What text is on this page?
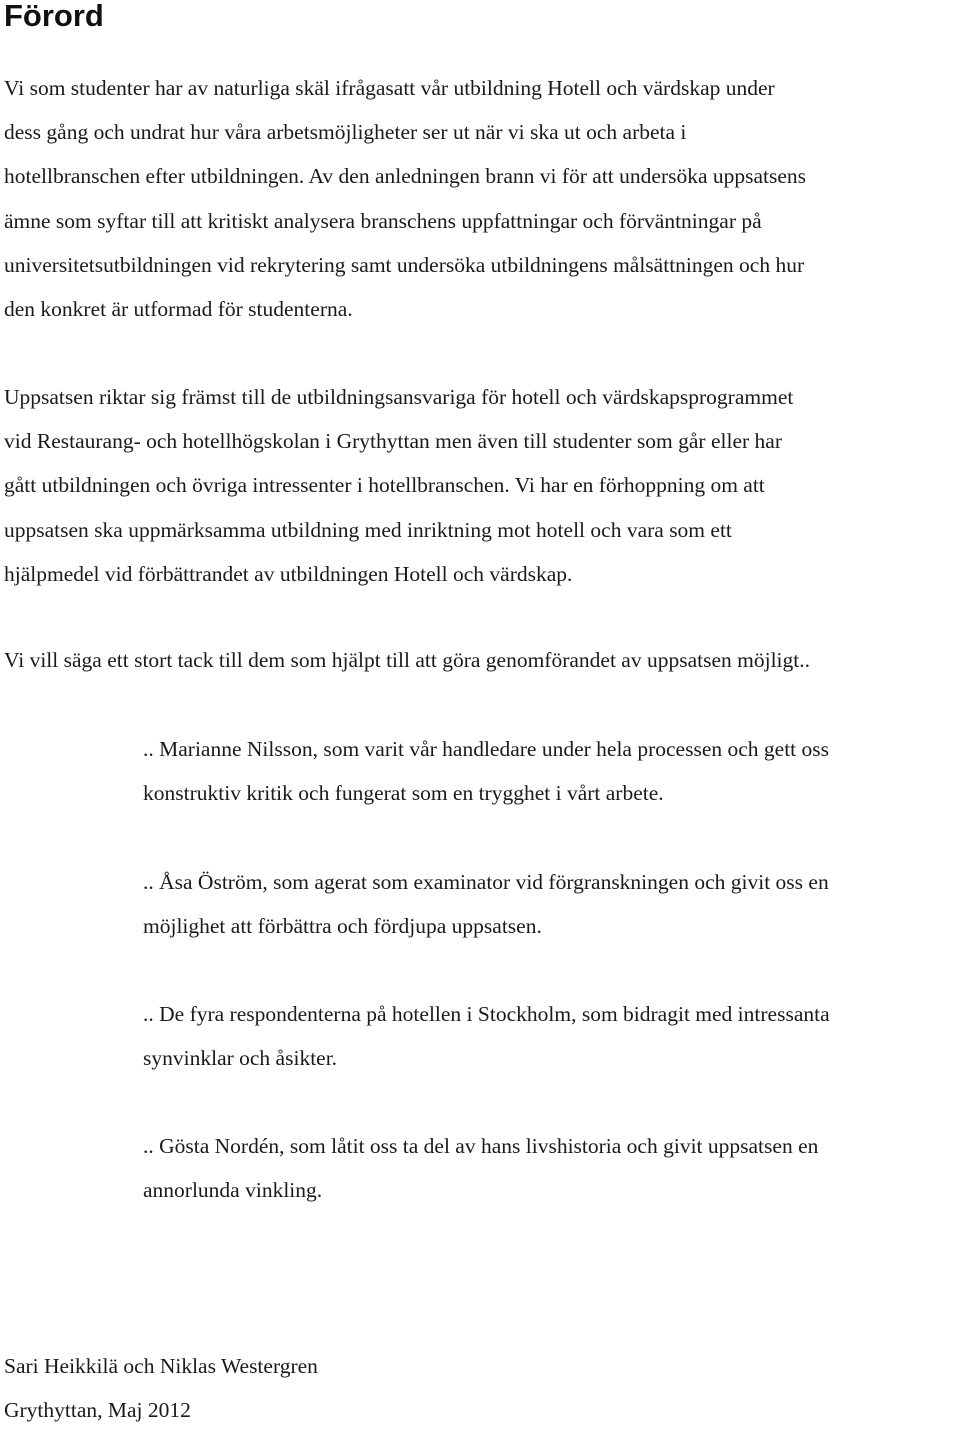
Förord

Vi som studenter har av naturliga skäl ifrågasatt vår utbildning Hotell och värdskap under
dess gång och undrat hur våra arbetsmöjligheter ser ut när vi ska ut och arbeta i
hotellbranschen efter utbildningen. Av den anledningen brann vi för att undersöka uppsatsens
ämne som syftar till att kritiskt analysera branschens uppfattningar och förväntningar på
universitetsutbildningen vid rekrytering samt undersöka utbildningens målsättningen och hur
den konkret är utformad för studenterna.

Uppsatsen riktar sig främst till de utbildningsansvariga för hotell och värdskapsprogrammet
vid Restaurang- och hotellhögskolan i Grythyttan men även till studenter som går eller har
gått utbildningen och övriga intressenter i hotellbranschen. Vi har en förhoppning om att
uppsatsen ska uppmärksamma utbildning med inriktning mot hotell och vara som ett
hjälpmedel vid förbättrandet av utbildningen Hotell och värdskap.

Vi vill säga ett stort tack till dem som hjälpt till att göra genomförandet av uppsatsen möjligt..

.. Marianne Nilsson, som varit vår handledare under hela processen och gett oss
konstruktiv kritik och fungerat som en trygghet i vårt arbete.

.. Åsa Öström, som agerat som examinator vid förgranskningen och givit oss en
möjlighet att förbättra och fördjupa uppsatsen.

.. De fyra respondenterna på hotellen i Stockholm, som bidragit med intressanta
synvinklar och åsikter.

.. Gösta Nordén, som låtit oss ta del av hans livshistoria och givit uppsatsen en
annorlunda vinkling.

Sari Heikkilä och Niklas Westergren

Grythyttan, Maj 2012
